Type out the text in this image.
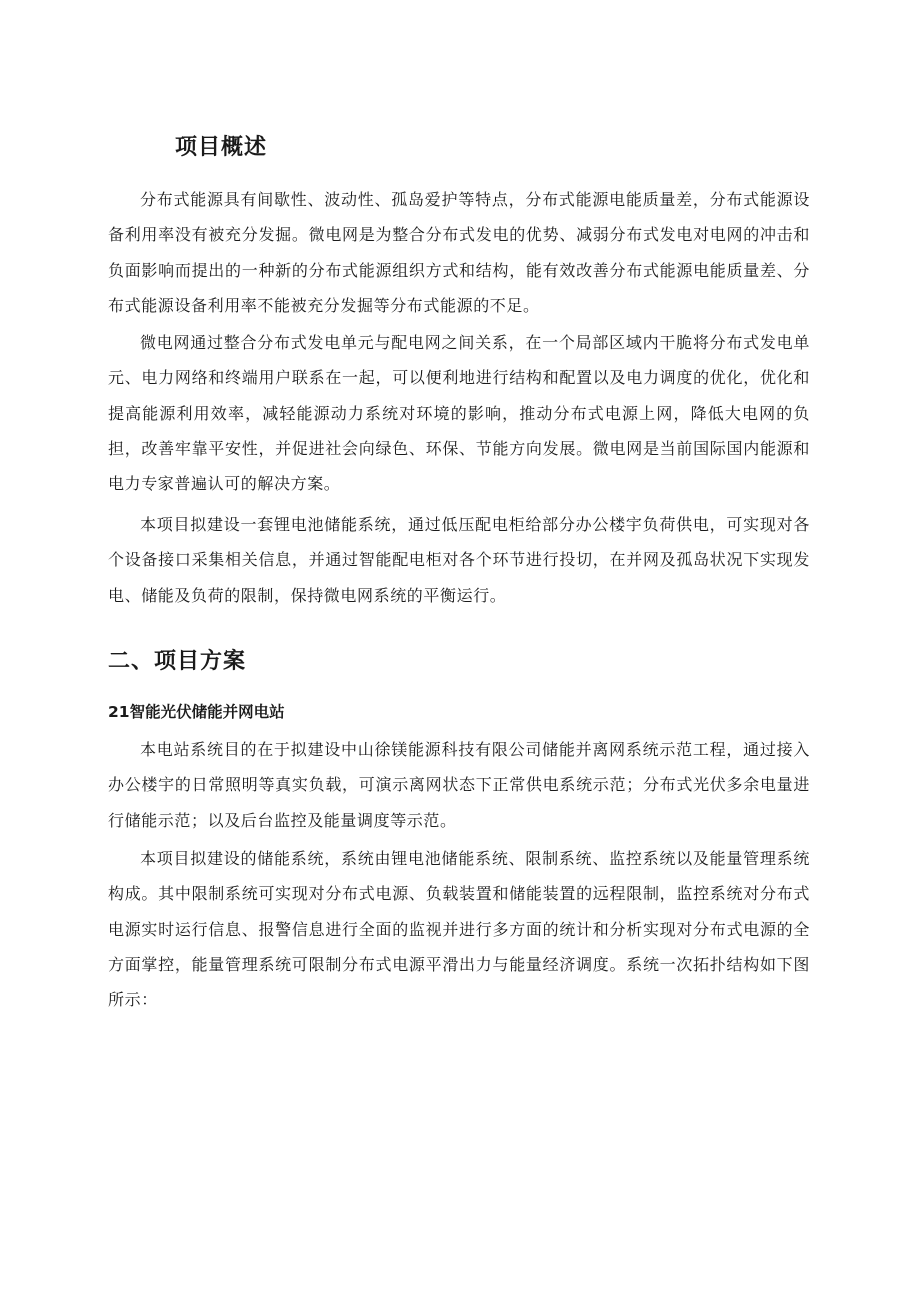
项目概述

分布式能源具有间歇性、波动性、孤岛爱护等特点，分布式能源电能质量差，分布式能源设备利用率没有被充分发掘。微电网是为整合分布式发电的优势、减弱分布式发电对电网的冲击和负面影响而提出的一种新的分布式能源组织方式和结构，能有效改善分布式能源电能质量差、分布式能源设备利用率不能被充分发掘等分布式能源的不足。

微电网通过整合分布式发电单元与配电网之间关系，在一个局部区域内干脆将分布式发电单元、电力网络和终端用户联系在一起，可以便利地进行结构和配置以及电力调度的优化，优化和提高能源利用效率，减轻能源动力系统对环境的影响，推动分布式电源上网，降低大电网的负担，改善牢靠平安性，并促进社会向绿色、环保、节能方向发展。微电网是当前国际国内能源和电力专家普遍认可的解决方案。

本项目拟建设一套锂电池储能系统，通过低压配电柜给部分办公楼宇负荷供电，可实现对各个设备接口采集相关信息，并通过智能配电柜对各个环节进行投切，在并网及孤岛状况下实现发电、储能及负荷的限制，保持微电网系统的平衡运行。

二、项目方案
21智能光伏储能并网电站

本电站系统目的在于拟建设中山徐镁能源科技有限公司储能并离网系统示范工程，通过接入办公楼宇的日常照明等真实负载，可演示离网状态下正常供电系统示范；分布式光伏多余电量进行储能示范；以及后台监控及能量调度等示范。

本项目拟建设的储能系统，系统由锂电池储能系统、限制系统、监控系统以及能量管理系统构成。其中限制系统可实现对分布式电源、负载装置和储能装置的远程限制，监控系统对分布式电源实时运行信息、报警信息进行全面的监视并进行多方面的统计和分析实现对分布式电源的全方面掌控，能量管理系统可限制分布式电源平滑出力与能量经济调度。系统一次拓扑结构如下图所示：
